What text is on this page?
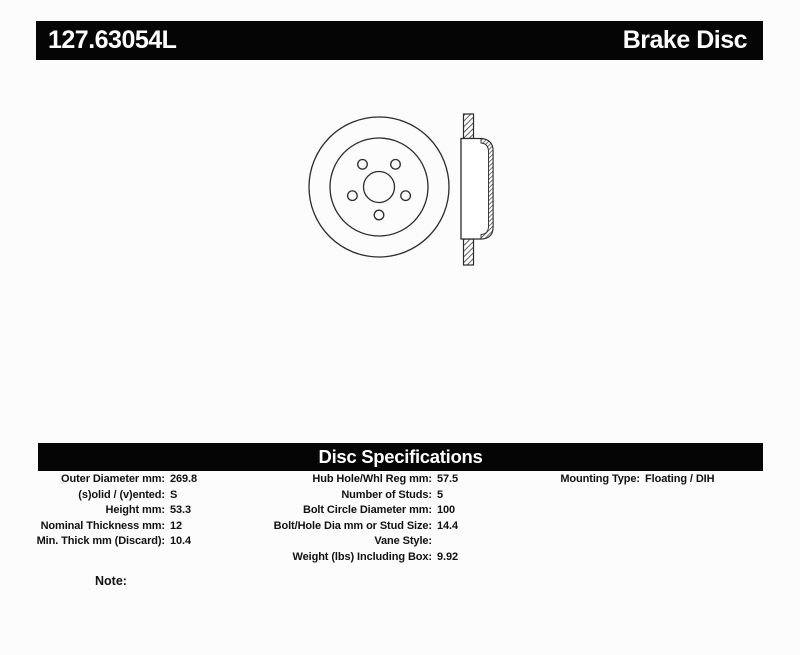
127.63054L	Brake Disc
Disc Specifications
Outer Diameter mm: 269.8
(s)olid / (v)ented: S
Height mm: 53.3
Nominal Thickness mm: 12
Min. Thick mm (Discard): 10.4
Hub Hole/Whl Reg mm: 57.5
Number of Studs: 5
Bolt Circle Diameter mm: 100
Bolt/Hole Dia mm or Stud Size: 14.4
Vane Style:
Weight (lbs) Including Box: 9.92
Mounting Type: Floating / DIH
Note:
